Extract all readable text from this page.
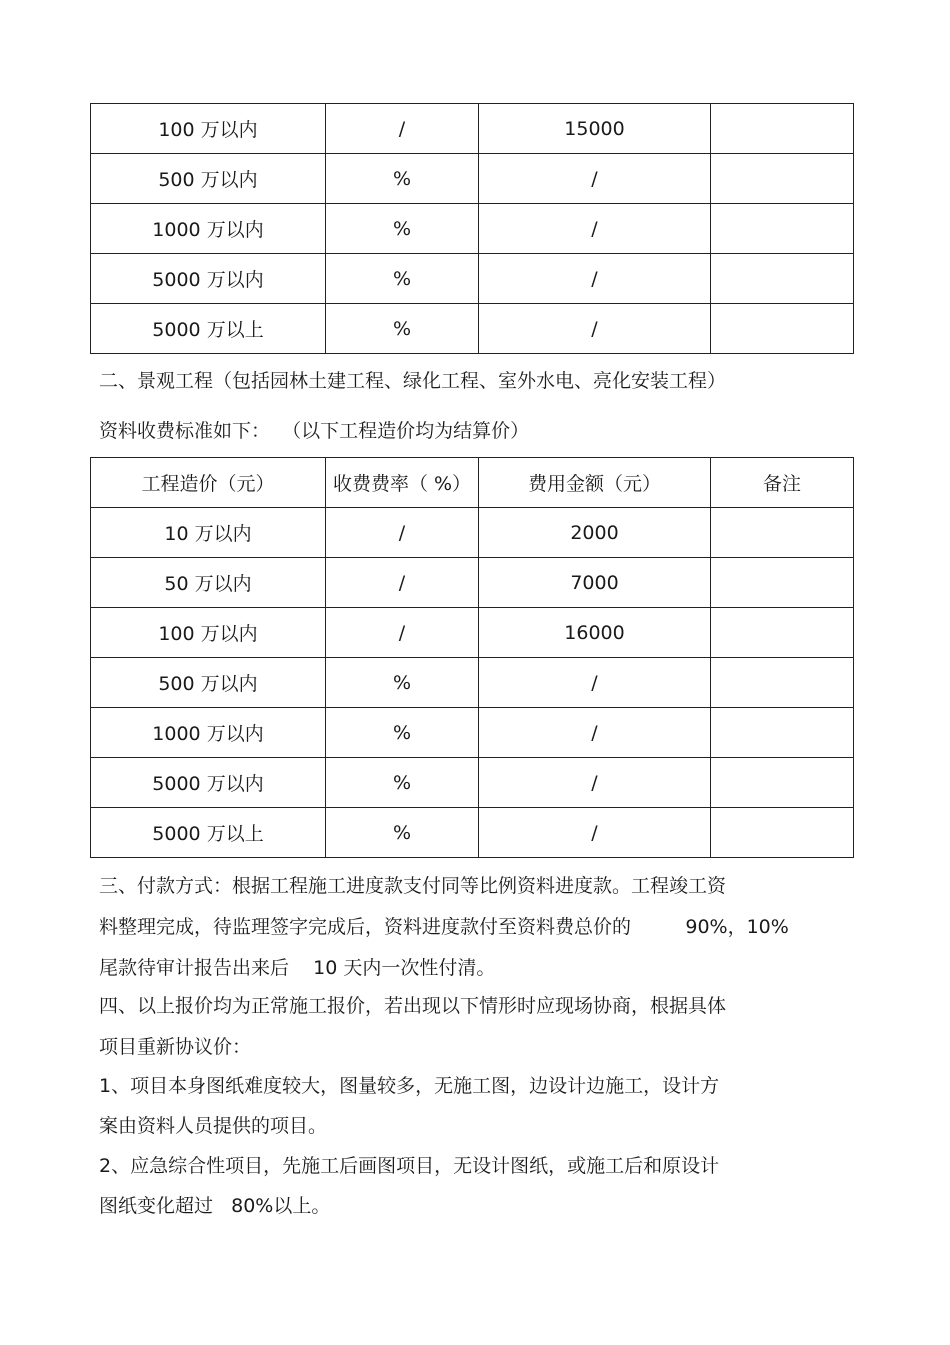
100 万以内	/	15000	
500 万以内	%	/	
1000 万以内	%	/	
5000 万以内	%	/	
5000 万以上	%	/	
二、景观工程（包括园林土建工程、绿化工程、室外水电、亮化安装工程）
资料收费标准如下：  （以下工程造价均为结算价）
工程造价（元）	收费费率（ %）	费用金额（元）	备注
10 万以内	/	2000	
50 万以内	/	7000	
100 万以内	/	16000	
500 万以内	%	/	
1000 万以内	%	/	
5000 万以内	%	/	
5000 万以上	%	/	
三、付款方式：根据工程施工进度款支付同等比例资料进度款。工程竣工资
料整理完成，待监理签字完成后，资料进度款付至资料费总价的         90%，10%
尾款待审计报告出来后    10 天内一次性付清。
四、以上报价均为正常施工报价，若出现以下情形时应现场协商，根据具体
项目重新协议价：
1、项目本身图纸难度较大，图量较多，无施工图，边设计边施工，设计方
案由资料人员提供的项目。
2、应急综合性项目，先施工后画图项目，无设计图纸，或施工后和原设计
图纸变化超过   80%以上。
